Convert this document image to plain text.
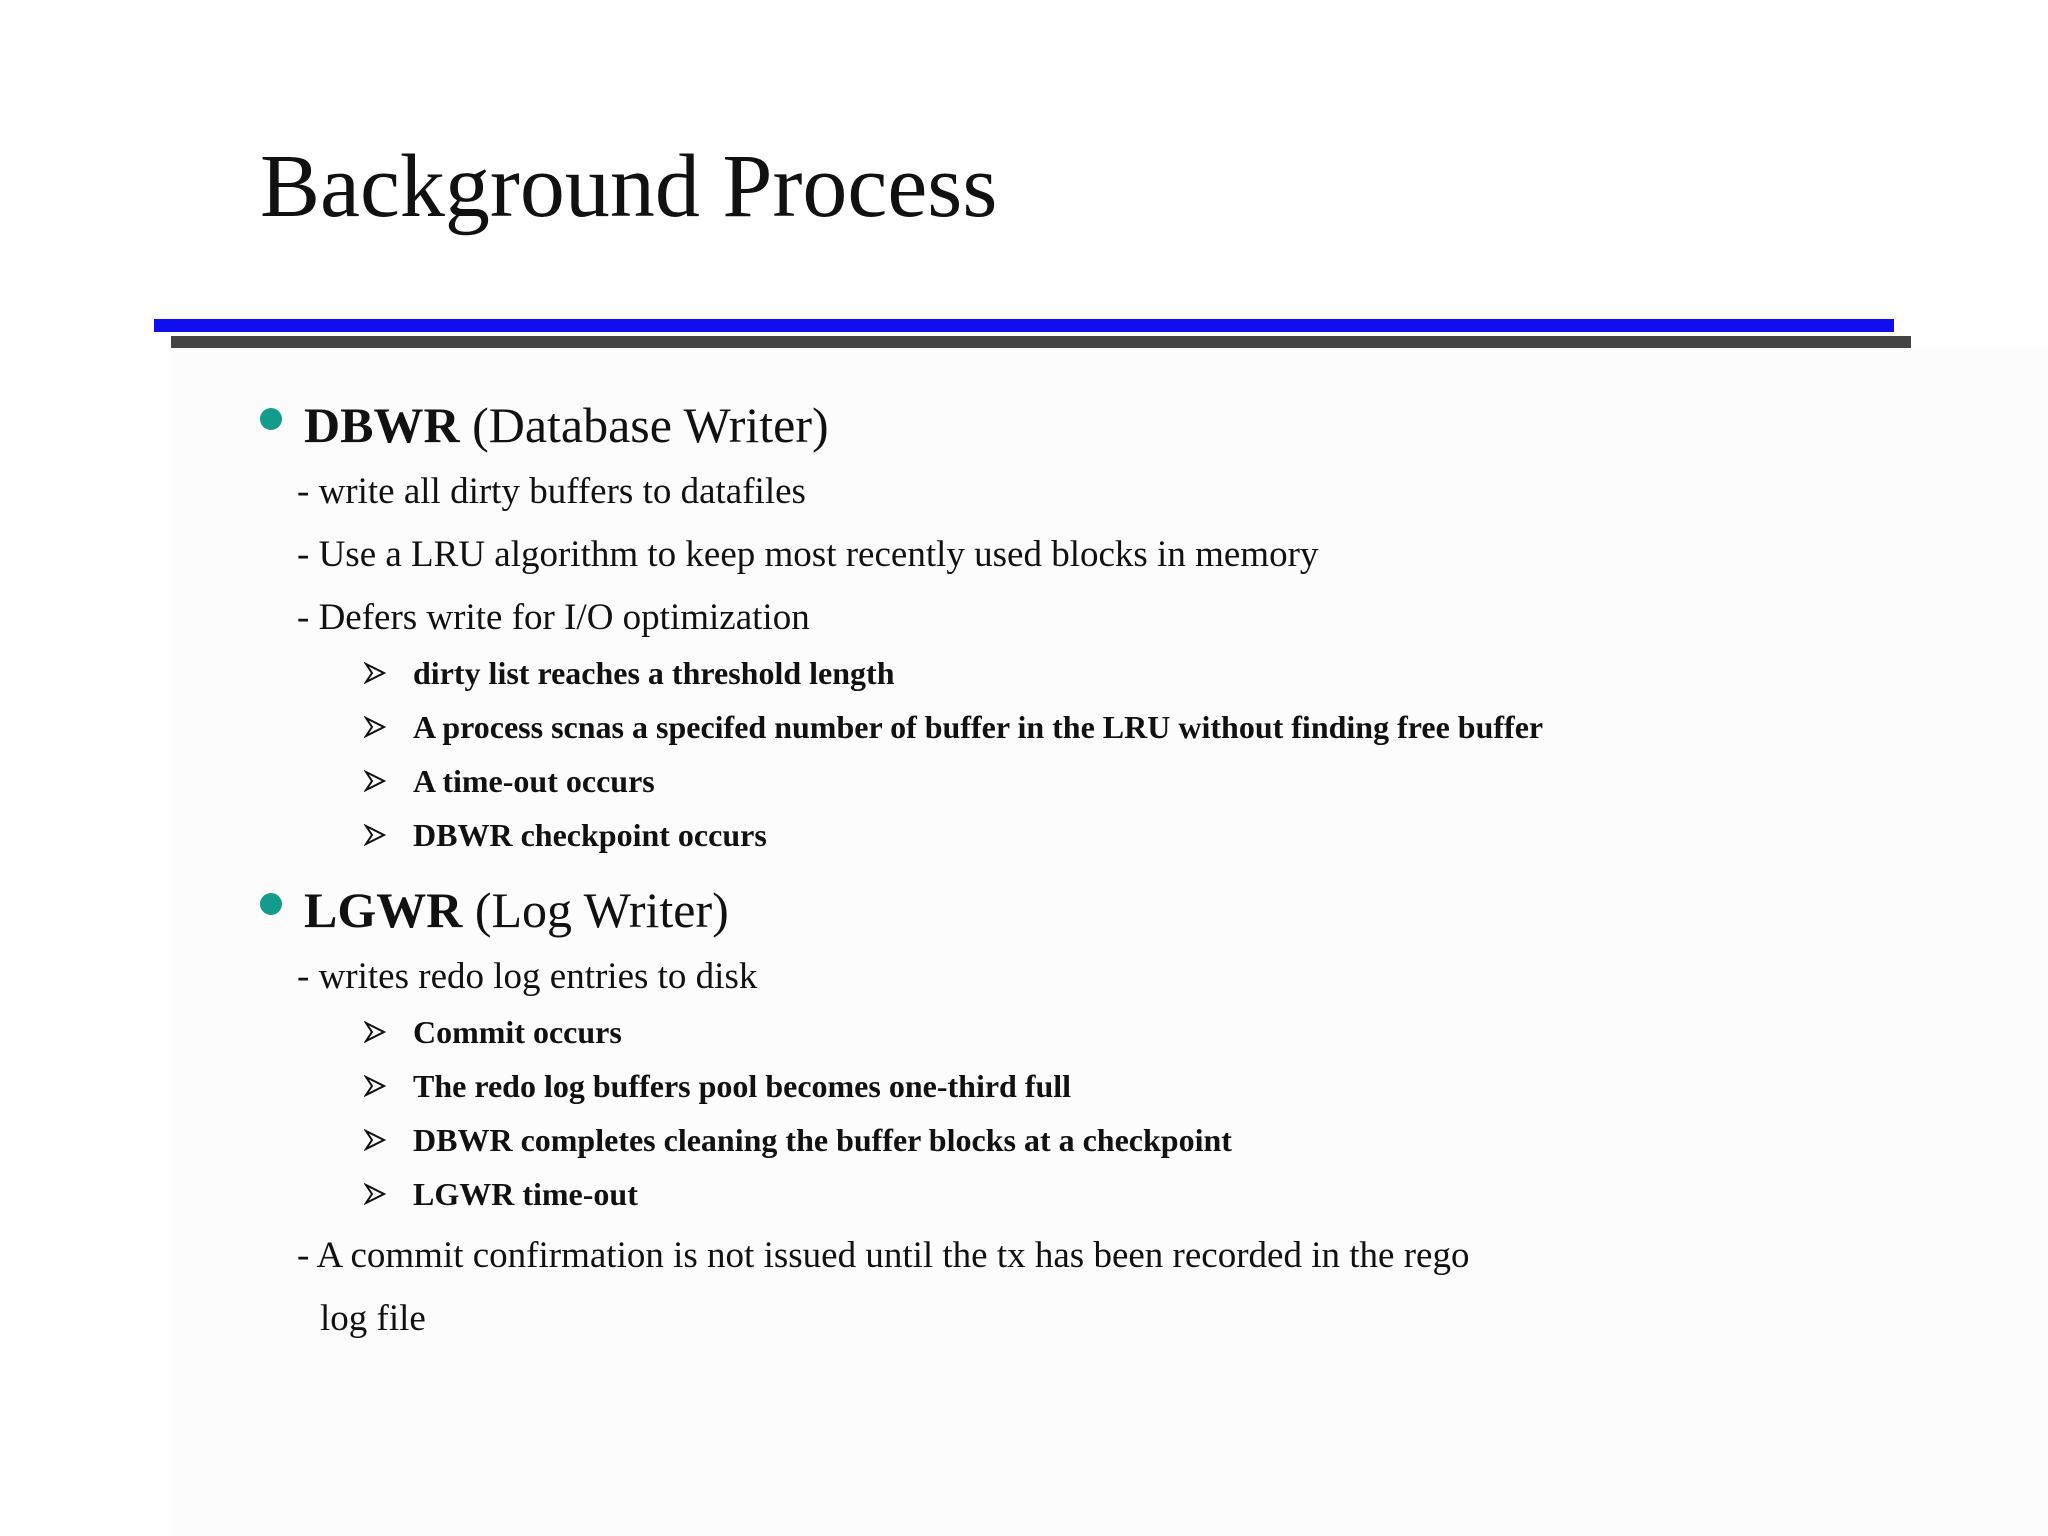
Background Process
DBWR (Database Writer)

- write all dirty buffers to datafiles

- Use a LRU algorithm to keep most recently used blocks in memory

- Defers write for I/O optimization

dirty list reaches a threshold length
A process scnas a specifed number of buffer in the LRU without finding free buffer
A time-out occurs
DBWR checkpoint occurs
LGWR (Log Writer)

- writes redo log entries to disk

Commit occurs
The redo log buffers pool becomes one-third full
DBWR completes cleaning the buffer blocks at a checkpoint
LGWR time-out

- A commit confirmation is not issued until the tx has been recorded in the rego

log file
